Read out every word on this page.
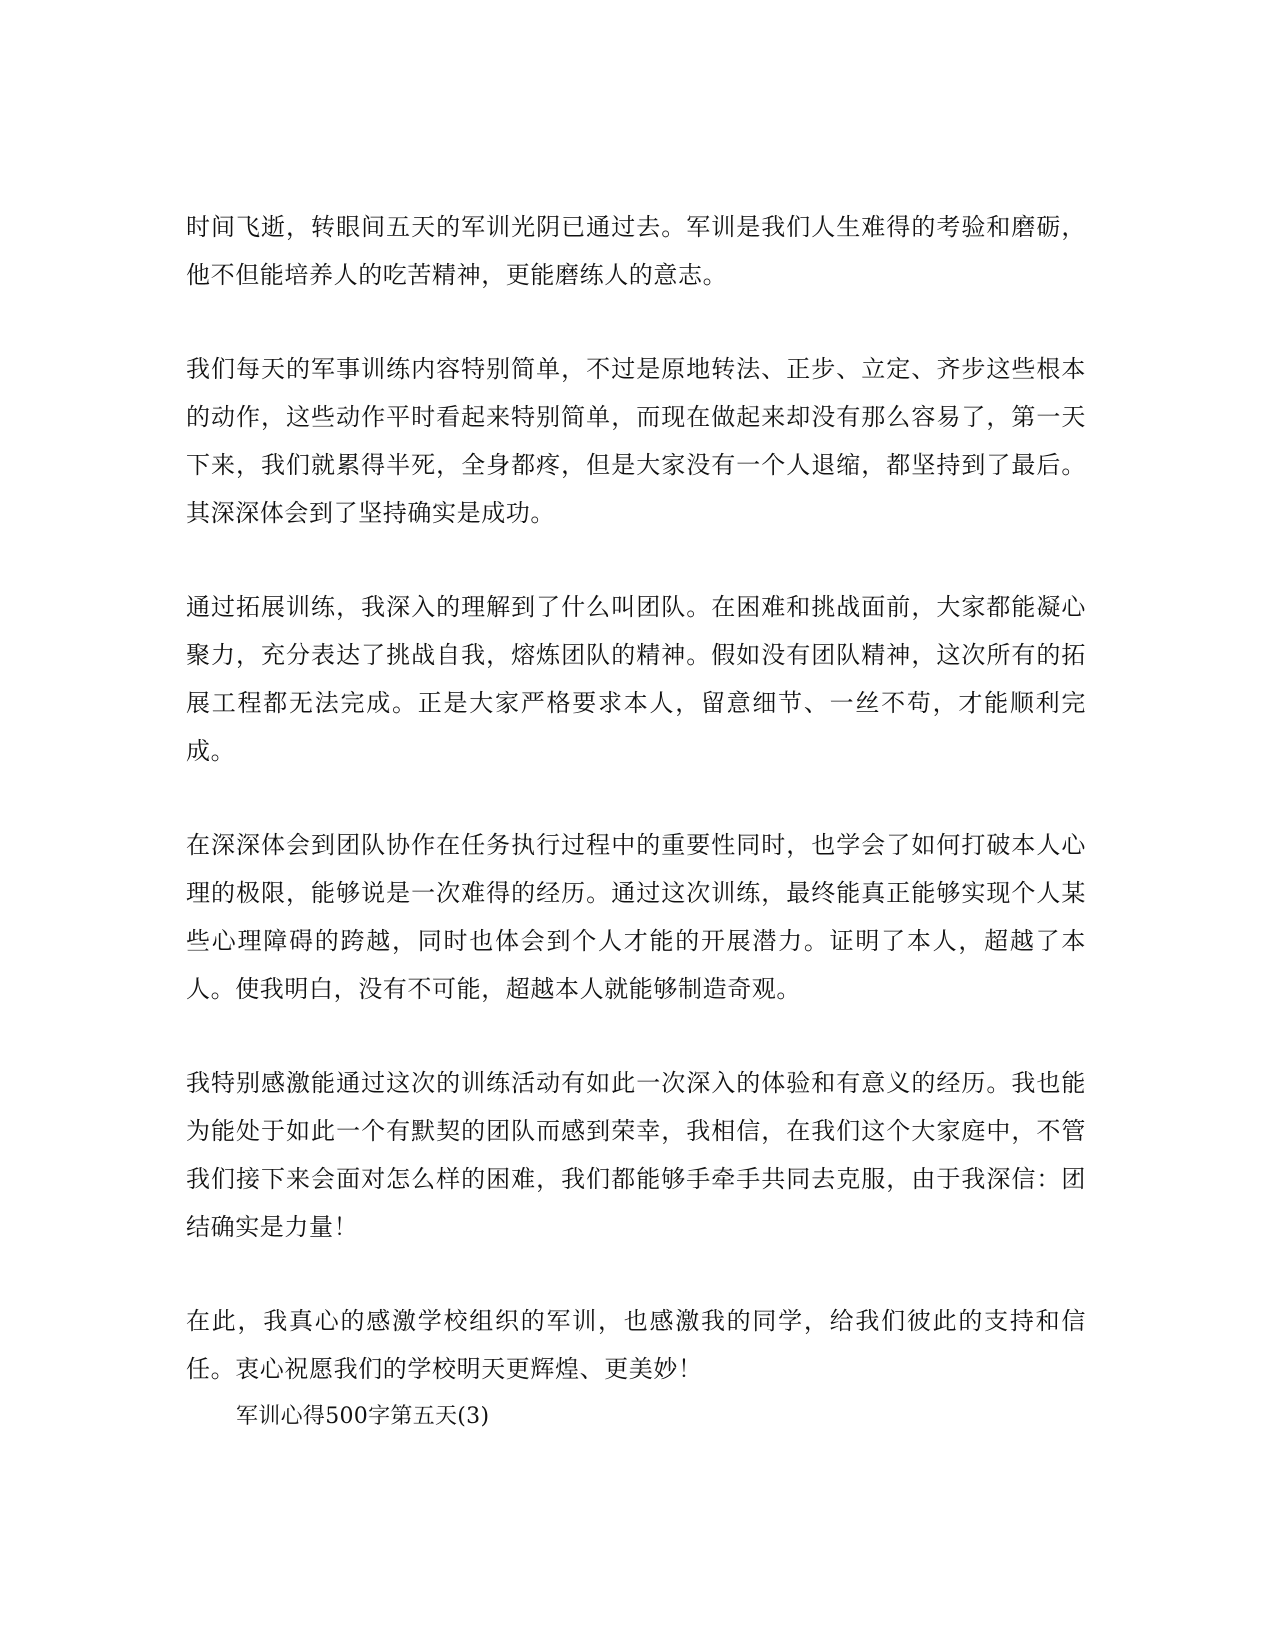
时间飞逝，转眼间五天的军训光阴已通过去。军训是我们人生难得的考验和磨砺，他不但能培养人的吃苦精神，更能磨练人的意志。

我们每天的军事训练内容特别简单，不过是原地转法、正步、立定、齐步这些根本的动作，这些动作平时看起来特别简单，而现在做起来却没有那么容易了，第一天下来，我们就累得半死，全身都疼，但是大家没有一个人退缩，都坚持到了最后。其深深体会到了坚持确实是成功。

通过拓展训练，我深入的理解到了什么叫团队。在困难和挑战面前，大家都能凝心聚力，充分表达了挑战自我，熔炼团队的精神。假如没有团队精神，这次所有的拓展工程都无法完成。正是大家严格要求本人，留意细节、一丝不苟，才能顺利完成。

在深深体会到团队协作在任务执行过程中的重要性同时，也学会了如何打破本人心理的极限，能够说是一次难得的经历。通过这次训练，最终能真正能够实现个人某些心理障碍的跨越，同时也体会到个人才能的开展潜力。证明了本人，超越了本人。使我明白，没有不可能，超越本人就能够制造奇观。

我特别感激能通过这次的训练活动有如此一次深入的体验和有意义的经历。我也能为能处于如此一个有默契的团队而感到荣幸，我相信，在我们这个大家庭中，不管我们接下来会面对怎么样的困难，我们都能够手牵手共同去克服，由于我深信：团结确实是力量！

在此，我真心的感激学校组织的军训，也感激我的同学，给我们彼此的支持和信任。衷心祝愿我们的学校明天更辉煌、更美妙！

军训心得500字第五天(3)
